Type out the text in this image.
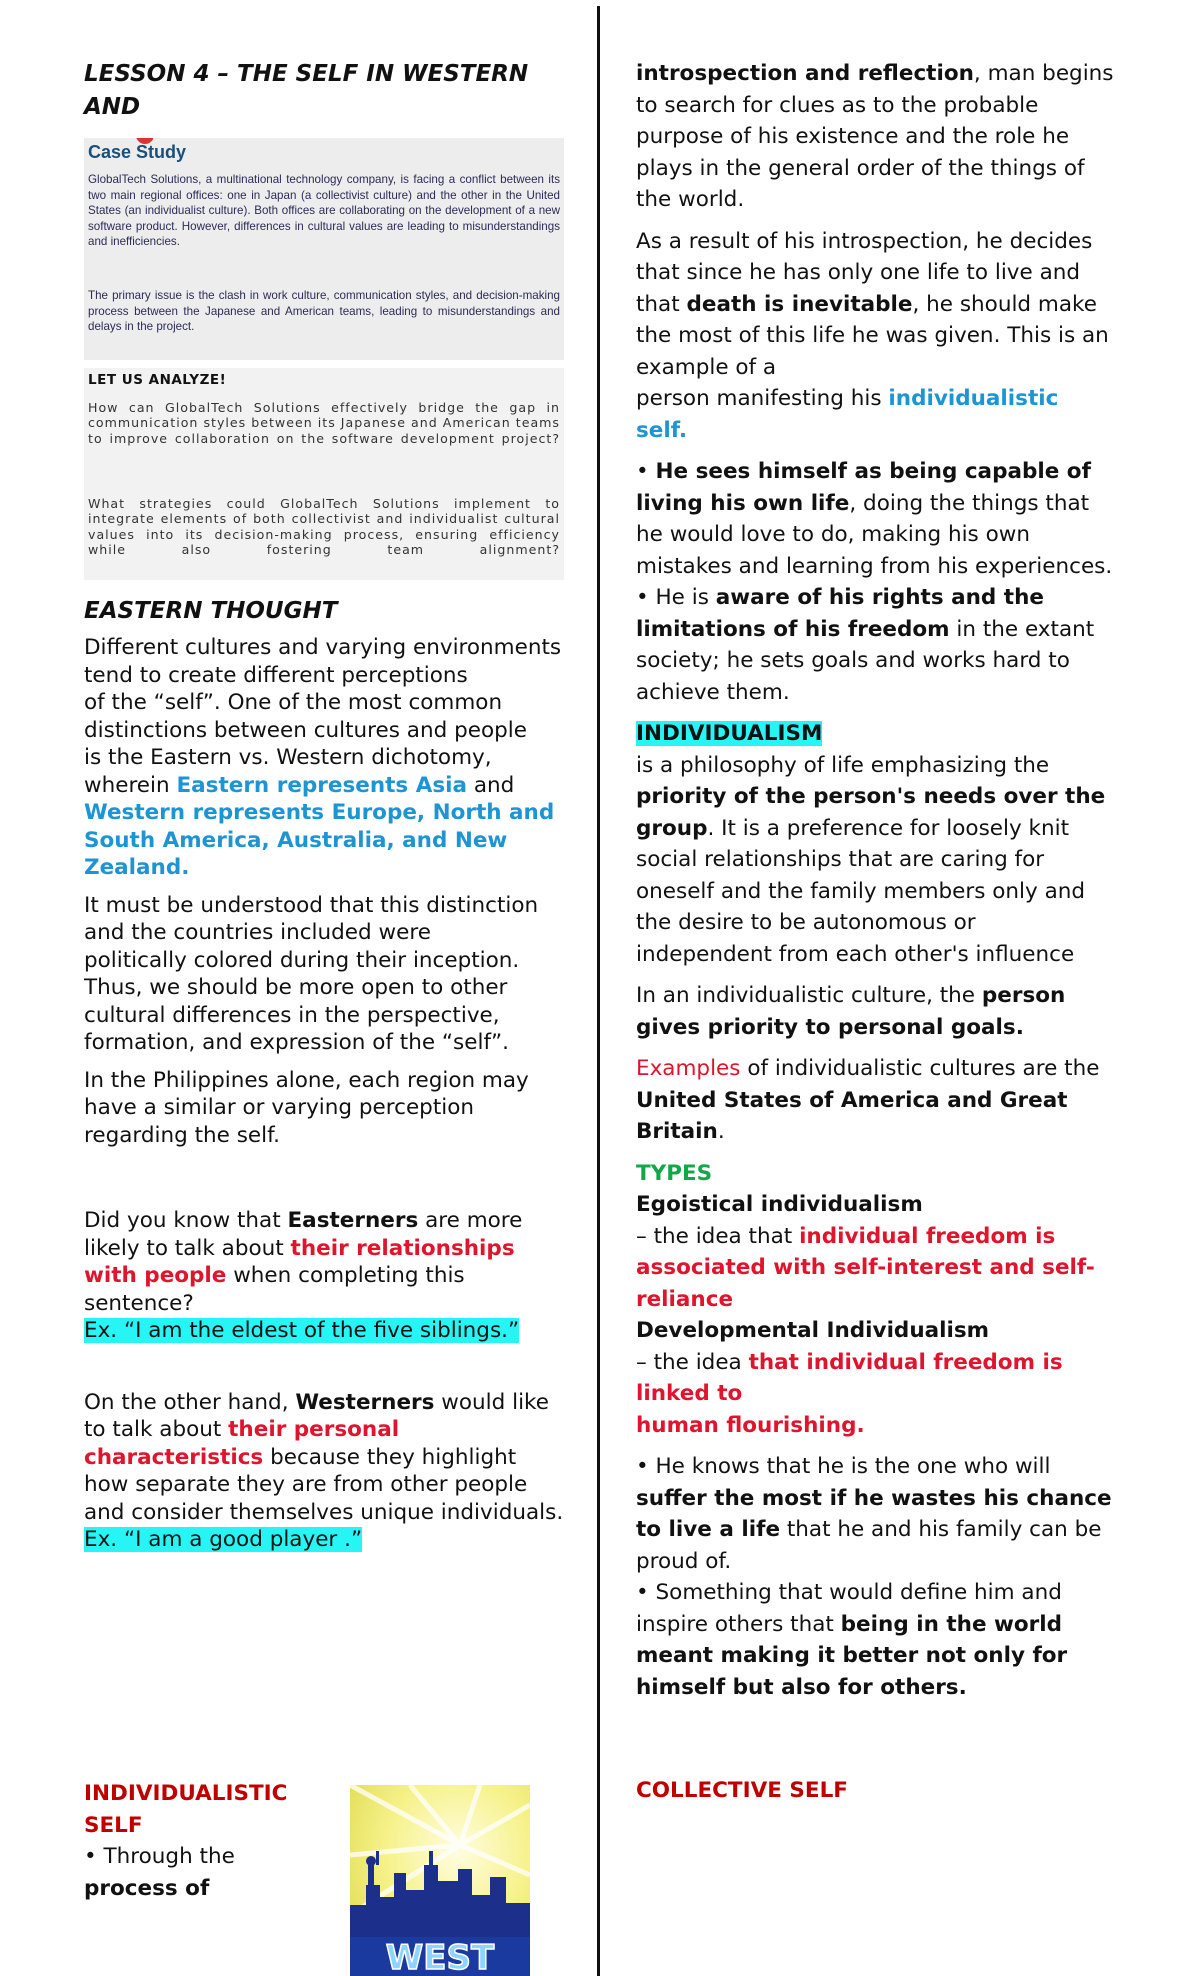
LESSON 4 – THE SELF IN WESTERN AND
Case Study

GlobalTech Solutions, a multinational technology company, is facing a conflict between its two main regional offices: one in Japan (a collectivist culture) and the other in the United States (an individualist culture). Both offices are collaborating on the development of a new software product. However, differences in cultural values are leading to misunderstandings and inefficiencies.

The primary issue is the clash in work culture, communication styles, and decision-making process between the Japanese and American teams, leading to misunderstandings and delays in the project.

LET US ANALYZE!

How can GlobalTech Solutions effectively bridge the gap in communication styles between its Japanese and American teams to improve collaboration on the software development project?

What strategies could GlobalTech Solutions implement to integrate elements of both collectivist and individualist cultural values into its decision-making process, ensuring efficiency while also fostering team alignment?

EASTERN THOUGHT

Different cultures and varying environments tend to create different perceptions
of the “self”. One of the most common distinctions between cultures and people
is the Eastern vs. Western dichotomy, wherein Eastern represents Asia and Western represents Europe, North and South America, Australia, and New Zealand.

It must be understood that this distinction and the countries included were
politically colored during their inception. Thus, we should be more open to other cultural differences in the perspective, formation, and expression of the “self”.

In the Philippines alone, each region may have a similar or varying perception
regarding the self.

Did you know that Easterners are more likely to talk about their relationships with people when completing this sentence?
Ex. “I am the eldest of the five siblings.”

On the other hand, Westerners would like to talk about their personal characteristics because they highlight how separate they are from other people and consider themselves unique individuals.
Ex. “I am a good player .”

INDIVIDUALISTIC SELF
• Through the
process of

WEST

introspection and reflection, man begins to search for clues as to the probable purpose of his existence and the role he plays in the general order of the things of the world.

As a result of his introspection, he decides that since he has only one life to live and that death is inevitable, he should make the most of this life he was given. This is an example of a
person manifesting his individualistic self.

• He sees himself as being capable of living his own life, doing the things that he would love to do, making his own mistakes and learning from his experiences.
• He is aware of his rights and the limitations of his freedom in the extant society; he sets goals and works hard to achieve them.

INDIVIDUALISM
is a philosophy of life emphasizing the priority of the person's needs over the group. It is a preference for loosely knit social relationships that are caring for oneself and the family members only and the desire to be autonomous or independent from each other's influence

In an individualistic culture, the person gives priority to personal goals.

Examples of individualistic cultures are the United States of America and Great Britain.

TYPES
Egoistical individualism
– the idea that individual freedom is associated with self-interest and self-reliance
Developmental Individualism
– the idea that individual freedom is linked to
human flourishing.

• He knows that he is the one who will suffer the most if he wastes his chance to live a life that he and his family can be proud of.
• Something that would define him and inspire others that being in the world meant making it better not only for himself but also for others.

COLLECTIVE SELF
